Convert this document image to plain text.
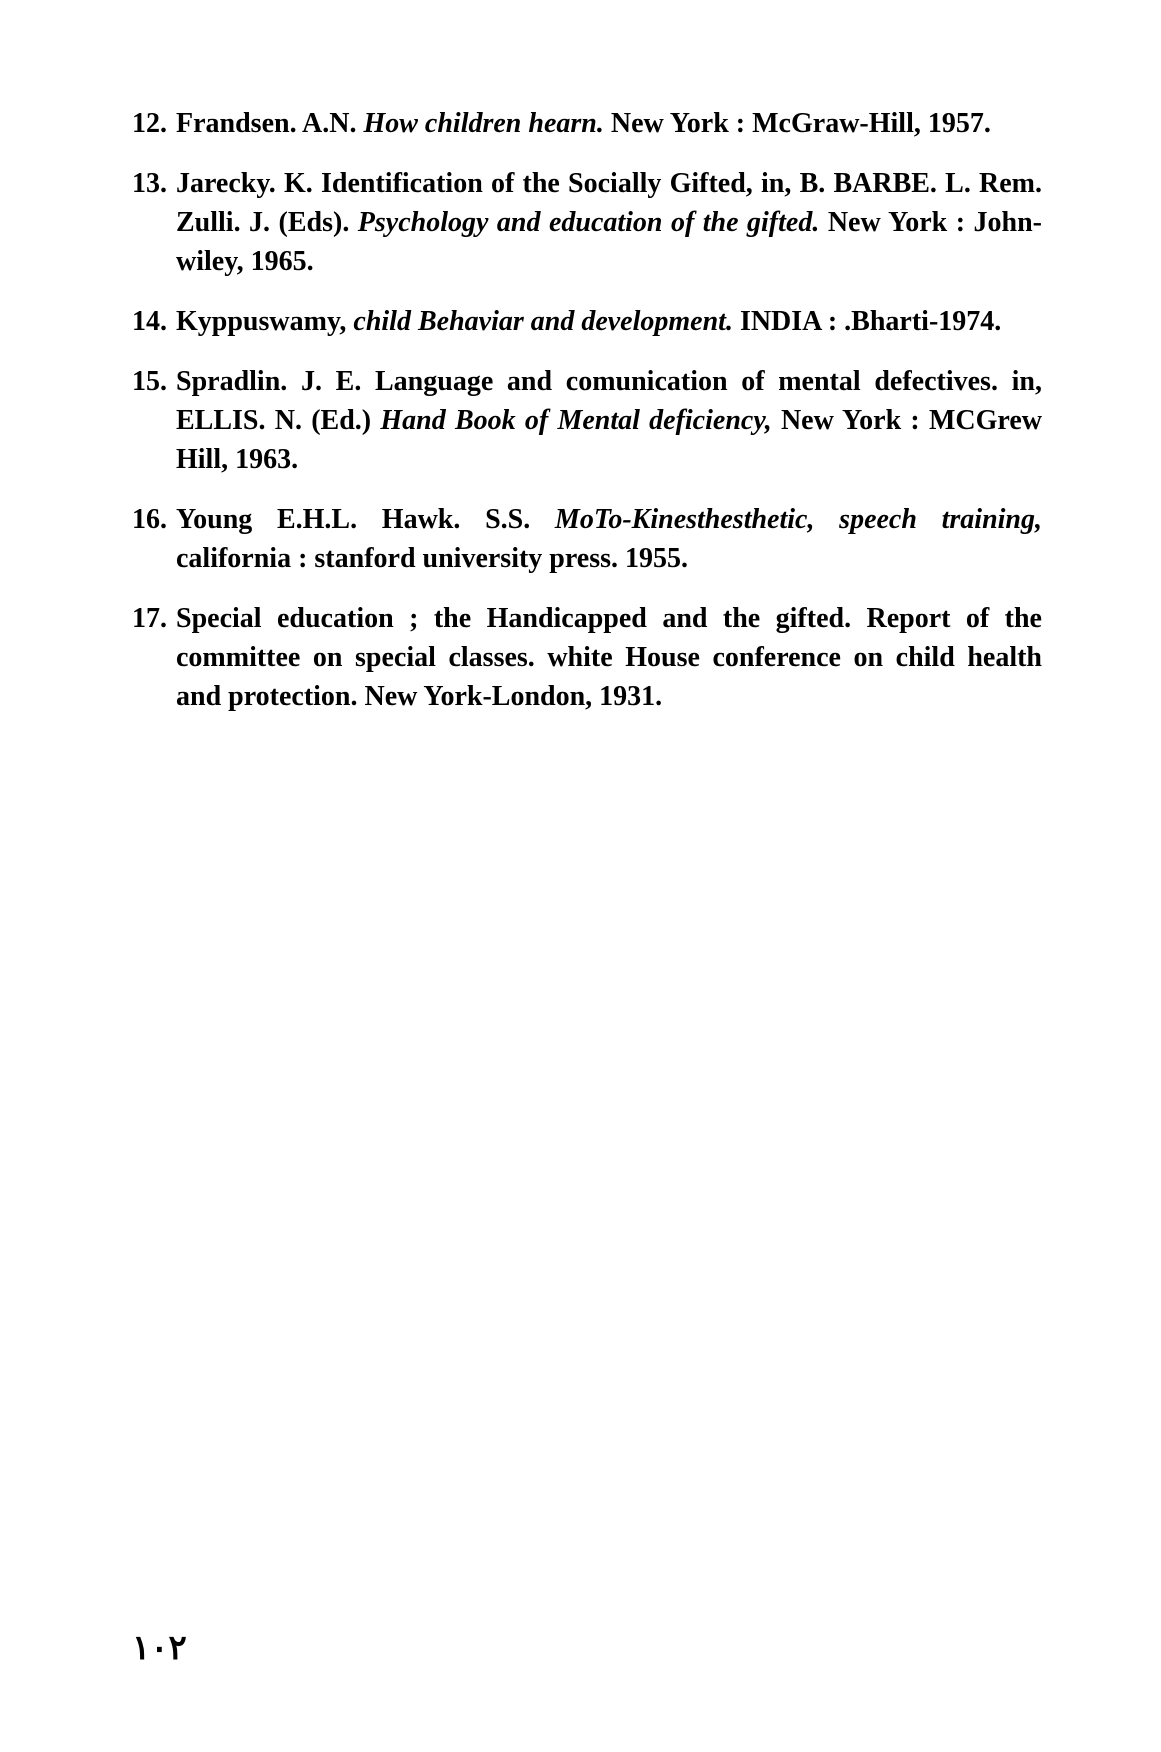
12. Frandsen. A.N. How children hearn. New York : McGraw-Hill, 1957.
13. Jarecky. K. Identification of the Socially Gifted, in, B. BARBE. L. Rem. Zulli. J. (Eds). Psychology and education of the gifted. New York : John-wiley, 1965.
14. Kyppuswamy, child Behaviar and development. INDIA : .Bharti-1974.
15. Spradlin. J. E. Language and comunication of mental defectives. in, ELLIS. N. (Ed.) Hand Book of Mental deficiency, New York : MCGrew Hill, 1963.
16. Young E.H.L. Hawk. S.S. MoTo-Kinesthesthetic, speech training, california : stanford university press. 1955.
17. Special education ; the Handicapped and the gifted. Report of the committee on special classes. white House conference on child health and protection. New York-London, 1931.
١٠٢
